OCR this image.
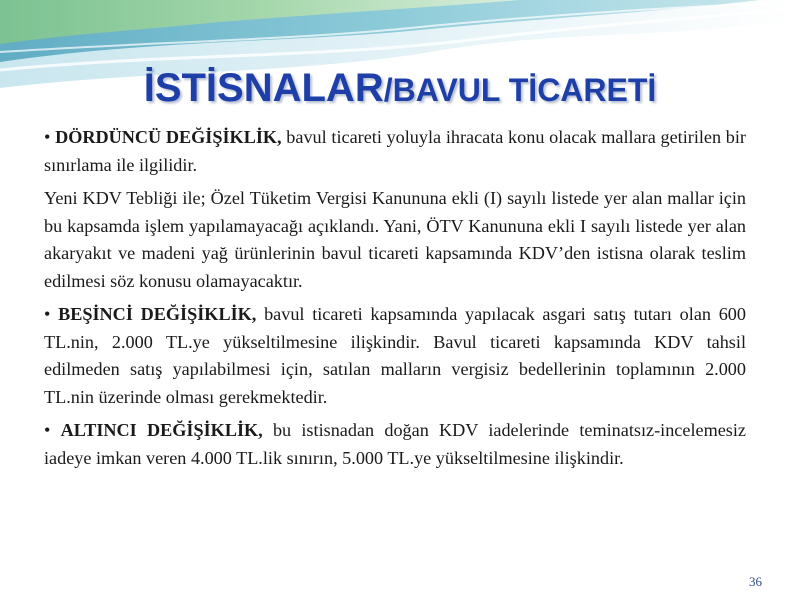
İSTİSNALAR/BAVUL TİCARETİ

• DÖRDÜNCÜ DEĞİŞİKLİK, bavul ticareti yoluyla ihracata konu olacak mallara getirilen bir sınırlama ile ilgilidir.

Yeni KDV Tebliği ile; Özel Tüketim Vergisi Kanununa ekli (I) sayılı listede yer alan mallar için bu kapsamda işlem yapılamayacağı açıklandı. Yani, ÖTV Kanununa ekli I sayılı listede yer alan akaryakıt ve madeni yağ ürünlerinin bavul ticareti kapsamında KDV’den istisna olarak teslim edilmesi söz konusu olamayacaktır.

• BEŞİNCİ DEĞİŞİKLİK, bavul ticareti kapsamında yapılacak asgari satış tutarı olan 600 TL.nin, 2.000 TL.ye yükseltilmesine ilişkindir. Bavul ticareti kapsamında KDV tahsil edilmeden satış yapılabilmesi için, satılan malların vergisiz bedellerinin toplamının 2.000 TL.nin üzerinde olması gerekmektedir.

• ALTINCI DEĞİŞİKLİK, bu istisnadan doğan KDV iadelerinde teminatsız-incelemesiz iadeye imkan veren 4.000 TL.lik sınırın, 5.000 TL.ye yükseltilmesine ilişkindir.

36
